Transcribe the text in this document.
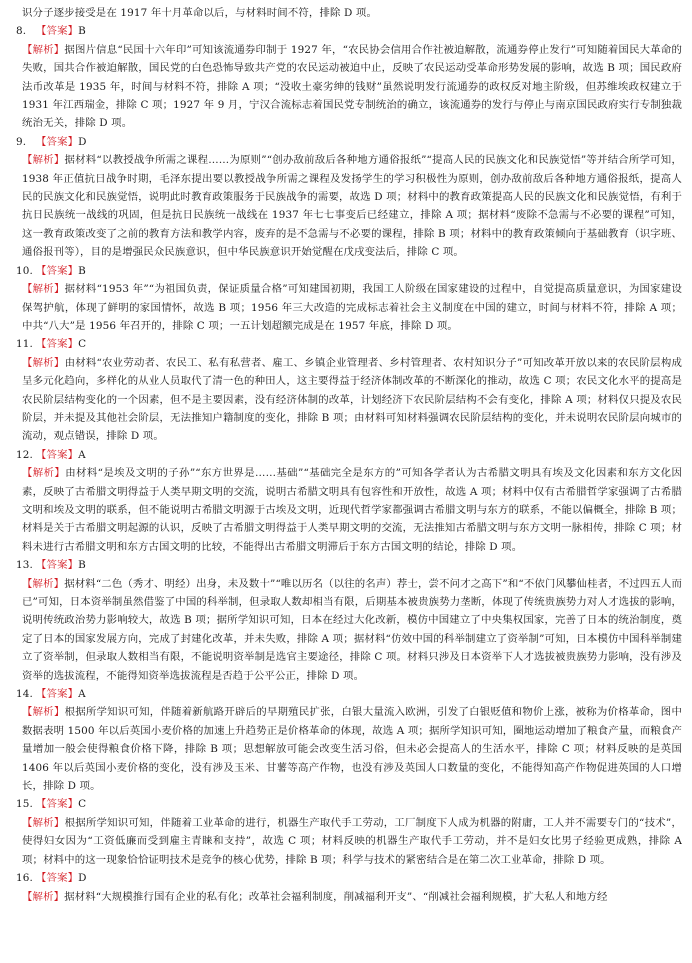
识分子逐步接受是在 1917 年十月革命以后，与材料时间不符，排除 D 项。

8. 【答案】B

【解析】据图片信息“民国十六年印”可知该流通券印制于 1927 年，“农民协会信用合作社被迫解散，流通券停止发行”可知随着国民大革命的失败，国共合作被迫解散，国民党的白色恐怖导致共产党的农民运动被迫中止，反映了农民运动受革命形势发展的影响，故选 B 项；国民政府法币改革是 1935 年，时间与材料不符，排除 A 项；“没收土豪劣绅的钱财”虽然说明发行流通券的政权反对地主阶级，但苏维埃政权建立于 1931 年江西瑞金，排除 C 项；1927 年 9 月，宁汉合流标志着国民党专制统治的确立，该流通券的发行与停止与南京国民政府实行专制独裁统治无关，排除 D 项。

9. 【答案】D

【解析】据材料“以教授战争所需之课程……为原则”“创办敌前敌后各种地方通俗报纸”“提高人民的民族文化和民族觉悟”等并结合所学可知，1938 年正值抗日战争时期，毛泽东提出要以教授战争所需之课程及发扬学生的学习积极性为原则，创办敌前敌后各种地方通俗报纸，提高人民的民族文化和民族觉悟，说明此时教育政策服务于民族战争的需要，故选 D 项；材料中的教育政策提高人民的民族文化和民族觉悟，有利于抗日民族统一战线的巩固，但是抗日民族统一战线在 1937 年七七事变后已经建立，排除 A 项；据材料“废除不急需与不必要的课程”可知，这一教育政策改变了之前的教育方法和教学内容，废弃的是不急需与不必要的课程，排除 B 项；材料中的教育政策倾向于基础教育（识字班、通俗报刊等），目的是增强民众民族意识，但中华民族意识开始觉醒在戊戌变法后，排除 C 项。

10. 【答案】B

【解析】据材料“1953 年”“为祖国负责，保证质量合格”可知建国初期，我国工人阶级在国家建设的过程中，自觉提高质量意识，为国家建设保驾护航，体现了鲜明的家国情怀，故选 B 项；1956 年三大改造的完成标志着社会主义制度在中国的建立，时间与材料不符，排除 A 项；中共“八大”是 1956 年召开的，排除 C 项；一五计划超额完成是在 1957 年底，排除 D 项。

11. 【答案】C

【解析】由材料“农业劳动者、农民工、私有私营者、雇工、乡镇企业管理者、乡村管理者、农村知识分子”可知改革开放以来的农民阶层构成呈多元化趋向，多样化的从业人员取代了清一色的种田人，这主要得益于经济体制改革的不断深化的推动，故选 C 项；农民文化水平的提高是农民阶层结构变化的一个因素，但不是主要因素，没有经济体制的改革，计划经济下农民阶层结构不会有变化，排除 A 项；材料仅只提及农民阶层，并未提及其他社会阶层，无法推知户籍制度的变化，排除 B 项；由材料可知材料强调农民阶层结构的变化，并未说明农民阶层向城市的流动，观点错误，排除 D 项。

12. 【答案】A

【解析】由材料“是埃及文明的子孙”“东方世界是……基础”“基础完全是东方的”可知各学者认为古希腊文明具有埃及文化因素和东方文化因素，反映了古希腊文明得益于人类早期文明的交流，说明古希腊文明具有包容性和开放性，故选 A 项；材料中仅有古希腊哲学家强调了古希腊文明和埃及文明的联系，但不能说明古希腊文明源于古埃及文明，近现代哲学家都强调古希腊文明与东方的联系，不能以偏概全，排除 B 项；材料是关于古希腊文明起源的认识，反映了古希腊文明得益于人类早期文明的交流，无法推知古希腊文明与东方文明一脉相传，排除 C 项；材料未进行古希腊文明和东方古国文明的比较，不能得出古希腊文明滞后于东方古国文明的结论，排除 D 项。

13. 【答案】B

【解析】据材料“二色（秀才、明经）出身，未及数十”“唯以历名（以往的名声）荐士，尝不问才之高下”和“不依门风攀仙桂者，不过四五人而已”可知，日本资举制虽然借鉴了中国的科举制，但录取人数却相当有限，后期基本被贵族势力垄断，体现了传统贵族势力对人才选拔的影响，说明传统政治势力影响较大，故选 B 项；据所学知识可知，日本在经过大化改新，模仿中国建立了中央集权国家，完善了日本的统治制度，奠定了日本的国家发展方向，完成了封建化改革，并未失败，排除 A 项；据材料“仿效中国的科举制建立了资举制”可知，日本模仿中国科举制建立了资举制，但录取人数相当有限，不能说明资举制是选官主要途径，排除 C 项。材料只涉及日本资举下人才选拔被贵族势力影响，没有涉及资举的选拔流程，不能得知资举选拔流程是否趋于公平公正，排除 D 项。

14. 【答案】A

【解析】根据所学知识可知，伴随着新航路开辟后的早期殖民扩张，白银大量流入欧洲，引发了白银贬值和物价上涨，被称为价格革命，图中数据表明 1500 年以后英国小麦价格的加速上升趋势正是价格革命的体现，故选 A 项；据所学知识可知，圈地运动增加了粮食产量，而粮食产量增加一般会使得粮食价格下降，排除 B 项；思想解放可能会改变生活习俗，但未必会提高人的生活水平，排除 C 项；材料反映的是英国 1406 年以后英国小麦价格的变化，没有涉及玉米、甘薯等高产作物，也没有涉及英国人口数量的变化，不能得知高产作物促进英国的人口增长，排除 D 项。

15. 【答案】C

【解析】根据所学知识可知，伴随着工业革命的进行，机器生产取代手工劳动，工厂制度下人成为机器的附庸，工人并不需要专门的“技术”，使得妇女因为“工资低廉而受到雇主青睐和支持”，故选 C 项；材料反映的机器生产取代手工劳动，并不是妇女比男子经验更成熟，排除 A 项；材料中的这一现象恰恰证明技术是竞争的核心优势，排除 B 项；科学与技术的紧密结合是在第二次工业革命，排除 D 项。

16. 【答案】D

【解析】据材料“大规模推行国有企业的私有化；改革社会福利制度，削减福利开支”、“削减社会福利规模，扩大私人和地方经
